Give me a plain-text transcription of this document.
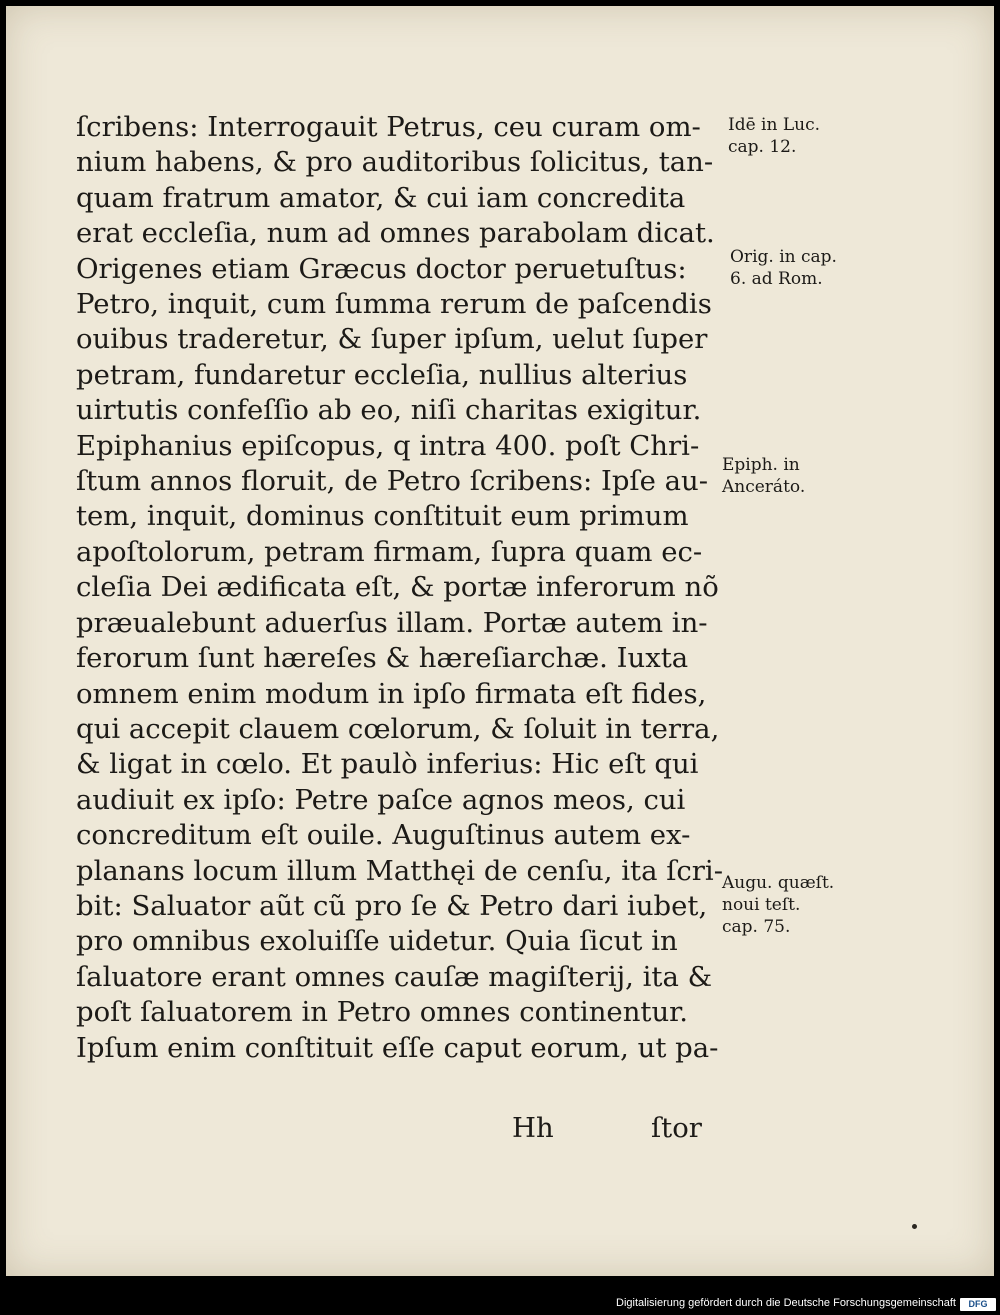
ſcribens: Interrogauit Petrus, ceu curam om-
nium habens, & pro auditoribus ſolicitus, tan-
quam fratrum amator, & cui iam concredita
erat eccleſia, num ad omnes parabolam dicat.
Origenes etiam Græcus doctor peruetuſtus:
Petro, inquit, cum ſumma rerum de paſcendis
ouibus traderetur, & ſuper ipſum, uelut ſuper
petram, fundaretur eccleſia, nullius alterius
uirtutis confeſſio ab eo, niſi charitas exigitur.
Epiphanius epiſcopus, q intra 400. poſt Chri-
ſtum annos floruit, de Petro ſcribens: Ipſe au-
tem, inquit, dominus conſtituit eum primum
apoſtolorum, petram firmam, ſupra quam ec-
cleſia Dei ædificata eſt, & portæ inferorum nõ
præualebunt aduerſus illam. Portæ autem in-
ferorum ſunt hæreſes & hæreſiarchæ. Iuxta
omnem enim modum in ipſo firmata eſt fides,
qui accepit clauem cœlorum, & ſoluit in terra,
& ligat in cœlo. Et paulò inferius: Hic eſt qui
audiuit ex ipſo: Petre paſce agnos meos, cui
concreditum eſt ouile. Auguſtinus autem ex-
planans locum illum Matthęi de cenſu, ita ſcri-
bit: Saluator aũt cũ pro ſe & Petro dari iubet,
pro omnibus exoluiſſe uidetur. Quia ſicut in
ſaluatore erant omnes cauſæ magiſterij, ita &
poſt ſaluatorem in Petro omnes continentur.
Ipſum enim conſtituit eſſe caput eorum, ut pa-
Hh	ſtor
Idē in Luc.
cap. 12.
Orig. in cap.
6. ad Rom.
Epiph. in
Anceráto.
Augu. quæſt.
noui teſt.
cap. 75.
Digitalisierung gefördert durch die Deutsche Forschungsgemeinschaft	DFG
